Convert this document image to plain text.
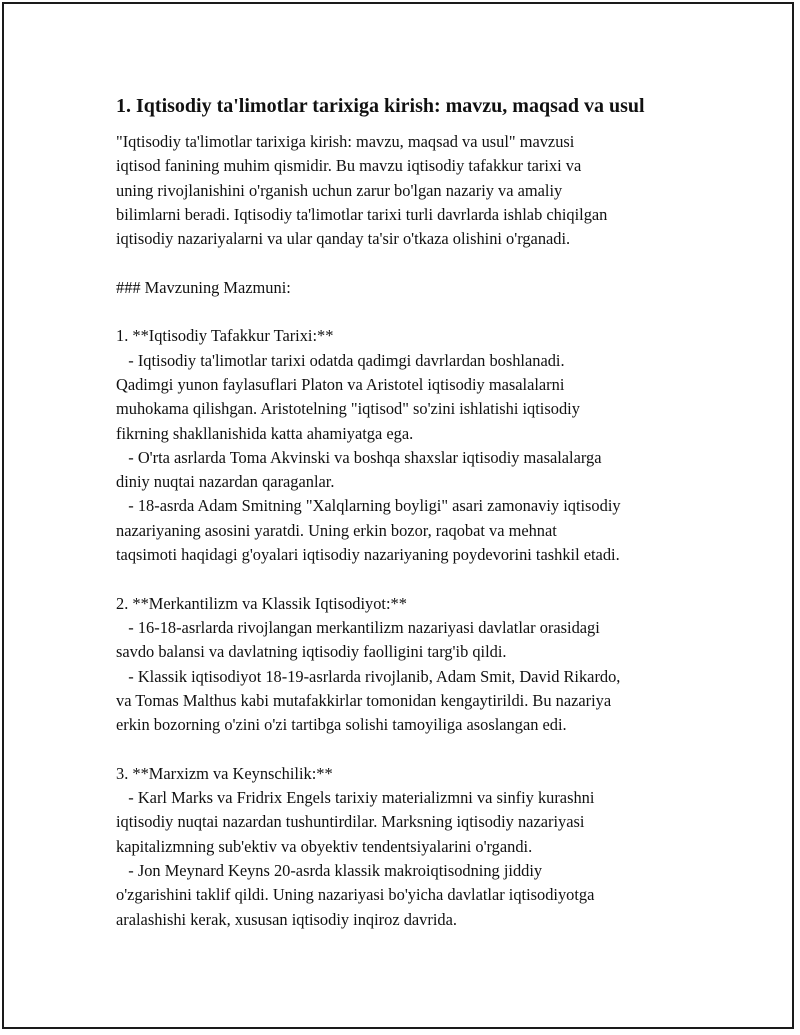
1. Iqtisodiy ta'limotlar tarixiga kirish: mavzu, maqsad va usul
"Iqtisodiy ta'limotlar tarixiga kirish: mavzu, maqsad va usul" mavzusi
iqtisod fanining muhim qismidir. Bu mavzu iqtisodiy tafakkur tarixi va
uning rivojlanishini o'rganish uchun zarur bo'lgan nazariy va amaliy
bilimlarni beradi. Iqtisodiy ta'limotlar tarixi turli davrlarda ishlab chiqilgan
iqtisodiy nazariyalarni va ular qanday ta'sir o'tkaza olishini o'rganadi.
### Mavzuning Mazmuni:
1. **Iqtisodiy Tafakkur Tarixi:**
- Iqtisodiy ta'limotlar tarixi odatda qadimgi davrlardan boshlanadi.
Qadimgi yunon faylasuflari Platon va Aristotel iqtisodiy masalalarni
muhokama qilishgan. Aristotelning "iqtisod" so'zini ishlatishi iqtisodiy
fikrning shakllanishida katta ahamiyatga ega.
- O'rta asrlarda Toma Akvinski va boshqa shaxslar iqtisodiy masalalarga
diniy nuqtai nazardan qaraganlar.
- 18-asrda Adam Smitning "Xalqlarning boyligi" asari zamonaviy iqtisodiy
nazariyaning asosini yaratdi. Uning erkin bozor, raqobat va mehnat
taqsimoti haqidagi g'oyalari iqtisodiy nazariyaning poydevorini tashkil etadi.
2. **Merkantilizm va Klassik Iqtisodiyot:**
- 16-18-asrlarda rivojlangan merkantilizm nazariyasi davlatlar orasidagi
savdo balansi va davlatning iqtisodiy faolligini targ'ib qildi.
- Klassik iqtisodiyot 18-19-asrlarda rivojlanib, Adam Smit, David Rikardo,
va Tomas Malthus kabi mutafakkirlar tomonidan kengaytirildi. Bu nazariya
erkin bozorning o'zini o'zi tartibga solishi tamoyiliga asoslangan edi.
3. **Marxizm va Keynschilik:**
- Karl Marks va Fridrix Engels tarixiy materializmni va sinfiy kurashni
iqtisodiy nuqtai nazardan tushuntirdilar. Marksning iqtisodiy nazariyasi
kapitalizmning sub'ektiv va obyektiv tendentsiyalarini o'rgandi.
- Jon Meynard Keyns 20-asrda klassik makroiqtisodning jiddiy
o'zgarishini taklif qildi. Uning nazariyasi bo'yicha davlatlar iqtisodiyotga
aralashishi kerak, xususan iqtisodiy inqiroz davrida.
